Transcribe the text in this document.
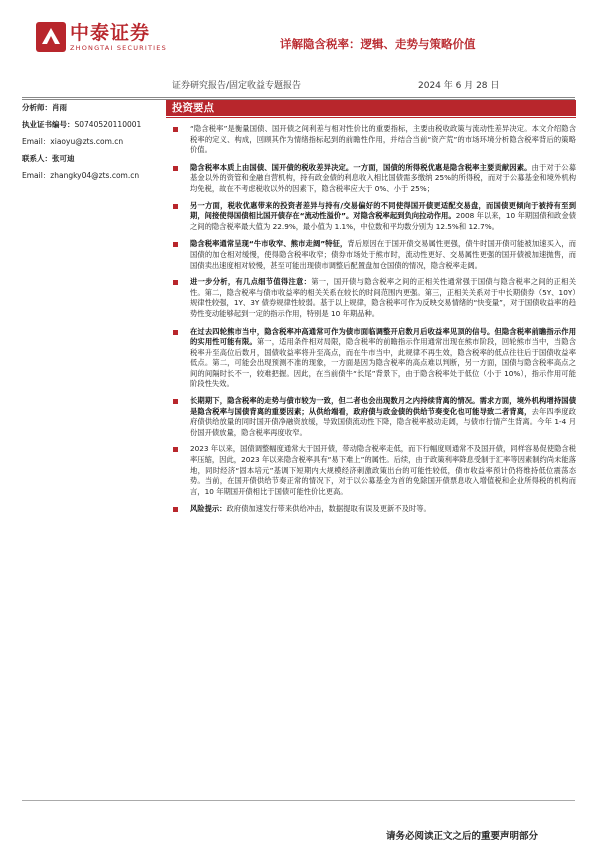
中泰证券
ZHONGTAI SECURITIES	详解隐含税率：逻辑、走势与策略价值
证券研究报告/固定收益专题报告	2024 年 6 月 28 日
分析师：肖雨
执业证书编号：S0740520110001
Email：xiaoyu@zts.com.cn
联系人：张可迪
Email：zhangky04@zts.com.cn
投资要点
“隐含税率”是衡量国债、国开债之间利差与相对性价比的重要指标，主要由税收政策与流动性差异决定。本文介绍隐含税率的定义、构成，回顾其作为情绪指标起到的前瞻性作用，并结合当前“资产荒”的市场环境分析隐含税率背后的策略价值。
隐含税率本质上由国债、国开债的税收差异决定。一方面，国债的所得税优惠是隐含税率主要贡献因素。由于对于公募基金以外的资管和金融自营机构，持有政金债的利息收入相比国债需多缴纳 25%的所得税，而对于公募基金和境外机构均免税，故在不考虑税收以外的因素下，隐含税率应大于 0%、小于 25%；
另一方面，税收优惠带来的投资者差异与持有/交易偏好的不同使得国开债更适配交易盘，而国债更倾向于被持有至到期，间接使得国债相比国开债存在“流动性溢价”。对隐含税率起到负向拉动作用。2008 年以来，10 年期国债和政金债之间的隐含税率最大值为 22.9%，最小值为 1.1%，中位数和平均数分别为 12.5%和 12.7%。
隐含税率通常呈现“牛市收窄、熊市走阔”特征，背后原因在于国开债交易属性更强，债牛时国开债可能被加速买入，而国债的加仓相对缓慢，使得隐含税率收窄；债券市场处于熊市时，流动性更好、交易属性更强的国开债被加速抛售，而国债卖出速度相对较慢，甚至可能出现债市调整后配置盘加仓国债的情况，隐含税率走阔。
进一步分析，有几点细节值得注意：第一，国开债与隐含税率之间的正相关性通常强于国债与隐含税率之间的正相关性。第二，隐含税率与债市收益率的相关关系在较长的时间范围内更强。第三，正相关关系对于中长期债券（5Y、10Y）规律性较强，1Y、3Y 债券规律性较弱。基于以上规律，隐含税率可作为反映交易情绪的“快变量”，对于国债收益率的趋势性变动能够起到一定的指示作用，特别是 10 年期品种。
在过去四轮熊市当中，隐含税率冲高通常可作为债市面临调整开启数月后收益率见顶的信号。但隐含税率前瞻指示作用的实用性可能有限。第一，适用条件相对局限，隐含税率的前瞻指示作用通常出现在熊市阶段，回轮熊市当中，当隐含税率升至高位后数月，国债收益率将升至高点，而在牛市当中，此规律不再生效，隐含税率的低点往往后于国债收益率低点。第二，可能会出现预测不准的现象，一方面是因为隐含税率的高点难以判断，另一方面，国债与隐含税率高点之间的间隔时长不一，较难把握。因此，在当前债牛“长尾”背景下，由于隐含税率处于低位（小于 10%），指示作用可能阶段性失效。
长期期下，隐含税率的走势与债市较为一致，但二者也会出现数月之内持续背离的情况。需求方面，境外机构增持国债是隐含税率与国债背离的重要因素；从供给端看，政府债与政金债的供给节奏变化也可能导致二者背离，去年四季度政府债供给放量的同时国开债净融资放缓，导致国债流动性下降，隐含税率被动走阔，与债市行情产生背离。今年 1-4 月份国开债放量，隐含税率再度收窄。
2023 年以来，国债调整幅度通常大于国开债，带动隐含税率走低，而下行幅度则通常不及国开债，同样容易促使隐含税率压缩，因此，2023 年以来隐含税率具有“易下难上”的属性。后续，由于政策利率降息受制于汇率等因素制约尚未能落地，同时经济“固本培元”基调下短期内大规模经济刺激政策出台的可能性较低，债市收益率预计仍将维持低位震荡态势。当前，在国开债供给节奏正常的情况下，对于以公募基金为首的免除国开债票息收入增值税和企业所得税的机构而言，10 年期国开债相比于国债可能性价比更高。
风险提示：政府债加速发行带来供给冲击，数据提取有误及更新不及时等。
请务必阅读正文之后的重要声明部分
